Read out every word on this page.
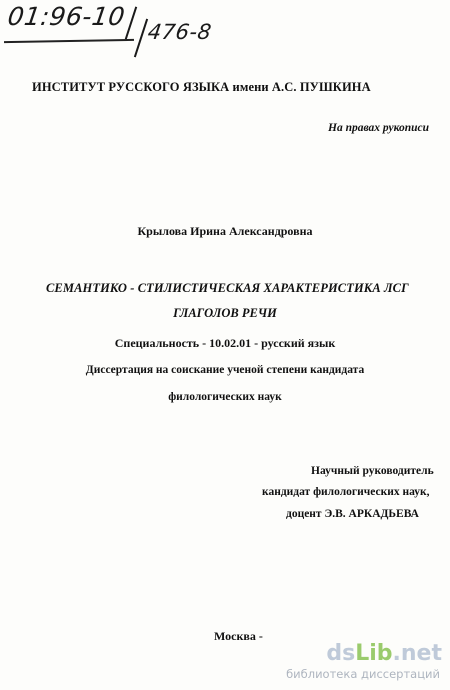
01:96-10
476-8
ИНСТИТУТ РУССКОГО ЯЗЫКА имени А.С. ПУШКИНА
На правах рукописи
Крылова Ирина Александровна
СЕМАНТИКО - СТИЛИСТИЧЕСКАЯ ХАРАКТЕРИСТИКА ЛСГ
ГЛАГОЛОВ РЕЧИ
Специальность - 10.02.01 - русский язык
Диссертация на соискание ученой степени кандидата
филологических наук
Научный руководитель
кандидат филологических наук,
доцент Э.В. АРКАДЬЕВА
Москва -
dsLib.net
библиотека диссертаций
